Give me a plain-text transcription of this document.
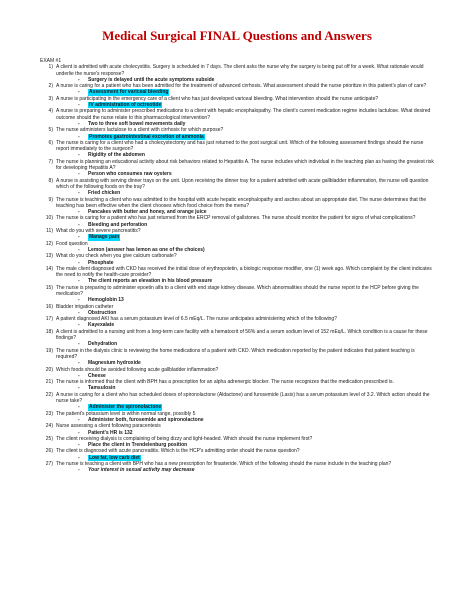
Medical Surgical FINAL Questions and Answers
EXAM #1
1) A client is admitted with acute cholecystitis. Surgery is scheduled in 7 days. The client asks the nurse why the surgery is being put off for a week. What rationale would underlie the nurse's response?
-	Surgery is delayed until the acute symptoms subside
2) A nurse is caring for a patient who has been admitted for the treatment of advanced cirrhosis. What assessment should the nurse prioritize in this patient's plan of care?
-	Assessment for variceal bleeding
3) A nurse is participating in the emergency care of a client who has just developed variceal bleeding. What intervention should the nurse anticipate?
-	IV administration of octreotide
4) A nurse is preparing to administer prescribed medications to a client with hepatic encephalopathy. The client's current medication regime includes lactulose. What desired outcome should the nurse relate to this pharmacological intervention?
-	Two to three soft bowel movements daily
5) The nurse administers lactulose to a client with cirrhosis for which purpose?
-	Promotes gastrointestinal excretion of ammonia
6) The nurse is caring for a client who had a cholecystectomy and has just returned to the post surgical unit. Which of the following assessment findings should the nurse report immediately to the surgeon?
-	Rigidity of the abdomen
7) The nurse is planning an educational activity about risk behaviors related to Hepatitis A. The nurse includes which individual in the teaching plan as having the greatest risk for developing Hepatitis A?
-	Person who consumes raw oysters
8) A nurse is assisting with serving dinner trays on the unit. Upon receiving the dinner tray for a patient admitted with acute gallbladder inflammation, the nurse will question which of the following foods on the tray?
-	Fried chicken
9) The nurse is teaching a client who was admitted to the hospital with acute hepatic encephalopathy and ascites about an appropriate diet. The nurse determines that the teaching has been effective when the client chooses which food choice from the menu?
-	Pancakes with butter and honey, and orange juice
10) The nurse is caring for a patient who has just returned from the ERCP removal of gallstones. The nurse should monitor the patient for signs of what complications?
-	Bleeding and perforation
11) What do you with severe pancreatitis?
-	Manage pain
12) Food question
-	Lemon (answer has lemon as one of the choices)
13) What do you check when you give calcium carbonate?
-	Phosphate
14) The male client diagnosed with CKD has received the initial dose of erythropoietin, a biologic response modifier, one (1) week ago. Which complaint by the client indicates the need to notify the health-care provider?
-	The client reports an elevation in his blood pressure
15) The nurse is preparing to administer epoetin alfa to a client with end stage kidney disease. Which abnormalities should the nurse report to the HCP before giving the medication?
-	Hemoglobin 13
16) Bladder irrigation catheter
-	Obstruction
17) A patient diagnosed AKI has a serum potassium level of 6.5 mEq/L. The nurse anticipates administering which of the following?
-	Kayexalate
18) A client is admitted to a nursing unit from a long-term care facility with a hematocrit of 56% and a serum sodium level of 152 mEq/L. Which condition is a cause for these findings?
-	Dehydration
19) The nurse in the dialysis clinic is reviewing the home medications of a patient with CKD. Which medication reported by the patient indicates that patient teaching is required?
-	Magnesium hydroxide
20) Which foods should be avoided following acute gallbladder inflammation?
-	Cheese
21) The nurse is informed that the client with BPH has a prescription for an alpha adrenergic blocker. The nurse recognizes that the medication prescribed is.
-	Tamsulosin
22) A nurse is caring for a client who has scheduled doses of spironolactone (Aldactone) and furosemide (Lasix) has a serum potassium level of 3.2. Which action should the nurse take?
-	Administer the spironolactone
23) The patient's potassium level is within normal range, possibly 5
-	Administer both, furosemide and spironolactone
24) Nurse assessing a client following paracentesis
-	Patient's HR is 132
25) The client receiving dialysis is complaining of being dizzy and light-headed. Which should the nurse implement first?
-	Place the client in Trendelenburg position
26) The client is diagnosed with acute pancreatitis. Which is the HCP's admitting order should the nurse question?
-	Low fat, low carb diet
27) The nurse is teaching a client with BPH who has a new prescription for finasteride. Which of the following should the nurse include in the teaching plan?
-	Your interest in sexual activity may decrease
